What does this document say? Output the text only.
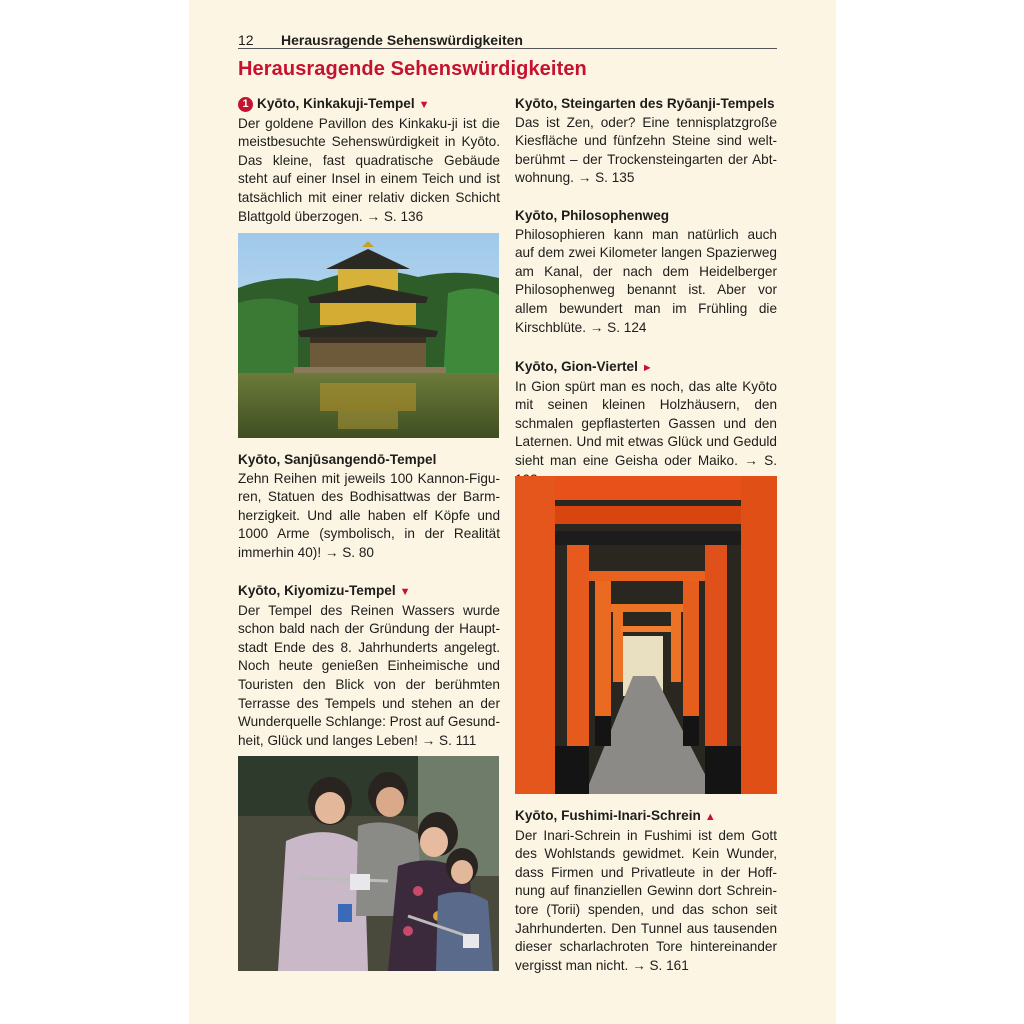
12 Herausragende Sehenswürdigkeiten
Herausragende Sehenswürdigkeiten
1 Kyōto, Kinkakuji-Tempel ▼
Der goldene Pavillon des Kinkaku-ji ist die meistbesuchte Sehenswürdigkeit in Kyōto. Das kleine, fast quadratische Gebäude steht auf einer Insel in einem Teich und ist tatsächlich mit einer relativ dicken Schicht Blattgold überzogen. → S. 136
Kyōto, Sanjūsangendō-Tempel
Zehn Reihen mit jeweils 100 Kannon-Figuren, Statuen des Bodhisattwas der Barmherzigkeit. Und alle haben elf Köpfe und 1000 Arme (symbolisch, in der Realität immerhin 40)! → S. 80
Kyōto, Kiyomizu-Tempel ▼
Der Tempel des Reinen Wassers wurde schon bald nach der Gründung der Hauptstadt Ende des 8. Jahrhunderts angelegt. Noch heute genießen Einheimische und Touristen den Blick von der berühmten Terrasse des Tempels und stehen an der Wunderquelle Schlange: Prost auf Gesundheit, Glück und langes Leben! → S. 111
Kyōto, Steingarten des Ryōanji-Tempels
Das ist Zen, oder? Eine tennisplatzgroße Kiesfläche und fünfzehn Steine sind weltberühmt – der Trockensteingarten der Abtwohnung. → S. 135
Kyōto, Philosophenweg
Philosophieren kann man natürlich auch auf dem zwei Kilometer langen Spazierweg am Kanal, der nach dem Heidelberger Philosophenweg benannt ist. Aber vor allem bewundert man im Frühling die Kirschblüte. → S. 124
Kyōto, Gion-Viertel ►
In Gion spürt man es noch, das alte Kyōto mit seinen kleinen Holzhäusern, den schmalen gepflasterten Gassen und den Laternen. Und mit etwas Glück und Geduld sieht man eine Geisha oder Maiko. → S.
Kyōto, Fushimi-Inari-Schrein ▲
Der Inari-Schrein in Fushimi ist dem Gott des Wohlstands gewidmet. Kein Wunder, dass Firmen und Privatleute in der Hoffnung auf finanziellen Gewinn dort Schreintore (Torii) spenden, und das schon seit Jahrhunderten. Den Tunnel aus tausenden dieser scharlachroten Tore hintereinander vergisst man nicht. → S. 161
